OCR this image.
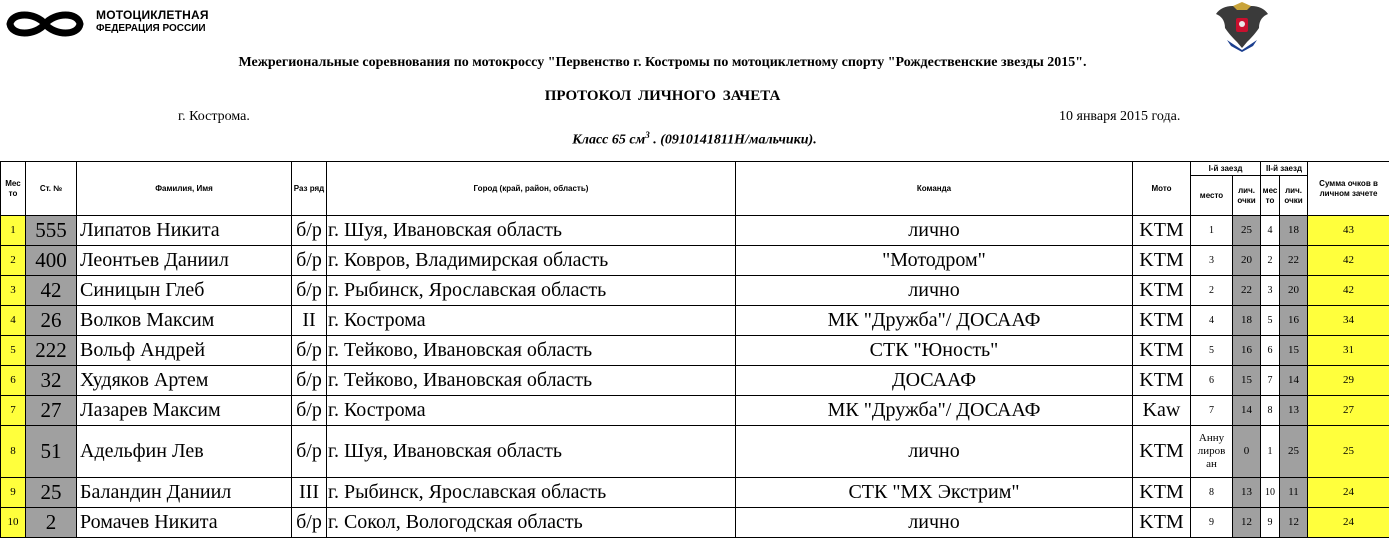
МОТОЦИКЛЕТНАЯ
ФЕДЕРАЦИЯ РОССИИ
Межрегиональные соревнования по мотокроссу "Первенство г. Костромы по мотоциклетному спорту "Рождественские звезды 2015".
ПРОТОКОЛ ЛИЧНОГО ЗАЧЕТА
г. Кострома.	10 января 2015 года.
Класс 65 $см^3$ . (0910141811Н/мальчики).
Мес то	Ст. №	Фамилия, Имя	Раз ряд	Город (край, район, область)	Команда	Мото	I-й заезд		II-й заезд		Сумма очков в личном зачете
							место	лич. очки	мес то	лич. очки	
1	555	Липатов Никита	б/р	г. Шуя, Ивановская область	лично	KTM	1	25	4	18	43
2	400	Леонтьев Даниил	б/р	г. Ковров, Владимирская область	"Мотодром"	KTM	3	20	2	22	42
3	42	Синицын Глеб	б/р	г. Рыбинск, Ярославская область	лично	KTM	2	22	3	20	42
4	26	Волков Максим	II	г. Кострома	МК "Дружба"/ ДОСААФ	KTM	4	18	5	16	34
5	222	Вольф Андрей	б/р	г. Тейково, Ивановская область	СТК "Юность"	KTM	5	16	6	15	31
6	32	Худяков Артем	б/р	г. Тейково, Ивановская область	ДОСААФ	KTM	6	15	7	14	29
7	27	Лазарев Максим	б/р	г. Кострома	МК "Дружба"/ ДОСААФ	Kaw	7	14	8	13	27
8	51	Адельфин Лев	б/р	г. Шуя, Ивановская область	лично	KTM	Анну лиров ан	0	1	25	25
9	25	Баландин Даниил	III	г. Рыбинск, Ярославская область	СТК "МХ Экстрим"	KTM	8	13	10	11	24
10	2	Ромачев Никита	б/р	г. Сокол, Вологодская область	лично	KTM	9	12	9	12	24
